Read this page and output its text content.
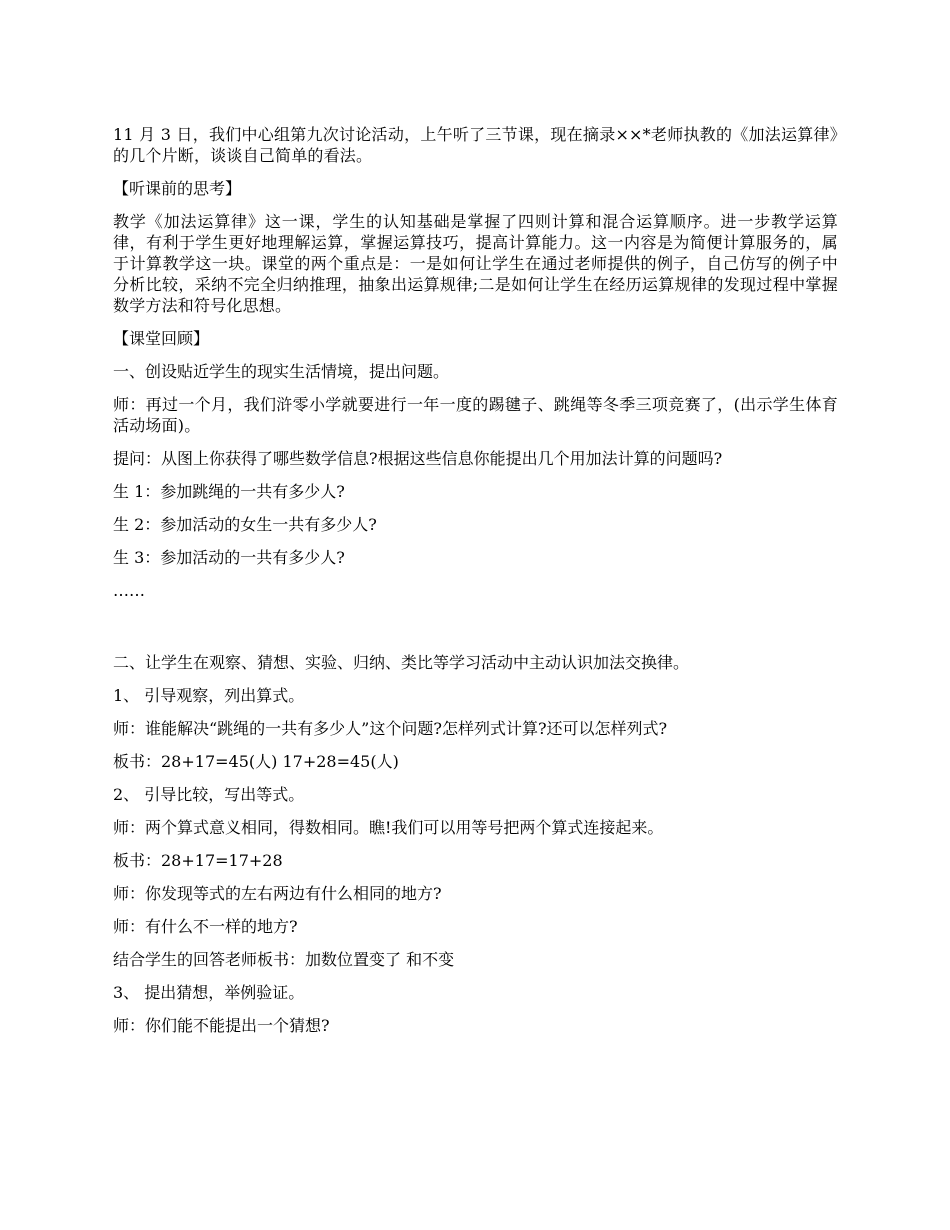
11 月 3 日，我们中心组第九次讨论活动，上午听了三节课，现在摘录××*老师执教的《加法运算律》的几个片断，谈谈自己简单的看法。

【听课前的思考】

教学《加法运算律》这一课，学生的认知基础是掌握了四则计算和混合运算顺序。进一步教学运算律，有利于学生更好地理解运算，掌握运算技巧，提高计算能力。这一内容是为简便计算服务的，属于计算教学这一块。课堂的两个重点是：一是如何让学生在通过老师提供的例子，自己仿写的例子中分析比较，采纳不完全归纳推理，抽象出运算规律;二是如何让学生在经历运算规律的发现过程中掌握数学方法和符号化思想。

【课堂回顾】

一、创设贴近学生的现实生活情境，提出问题。

师：再过一个月，我们浒零小学就要进行一年一度的踢毽子、跳绳等冬季三项竞赛了，(出示学生体育活动场面)。

提问：从图上你获得了哪些数学信息?根据这些信息你能提出几个用加法计算的问题吗?

生 1：参加跳绳的一共有多少人?

生 2：参加活动的女生一共有多少人?

生 3：参加活动的一共有多少人?

……

二、让学生在观察、猜想、实验、归纳、类比等学习活动中主动认识加法交换律。

1、 引导观察，列出算式。

师：谁能解决“跳绳的一共有多少人”这个问题?怎样列式计算?还可以怎样列式?

板书：28+17=45(人) 17+28=45(人)

2、 引导比较，写出等式。

师：两个算式意义相同，得数相同。瞧!我们可以用等号把两个算式连接起来。

板书：28+17=17+28

师：你发现等式的左右两边有什么相同的地方?

师：有什么不一样的地方?

结合学生的回答老师板书：加数位置变了 和不变

3、 提出猜想，举例验证。

师：你们能不能提出一个猜想?
